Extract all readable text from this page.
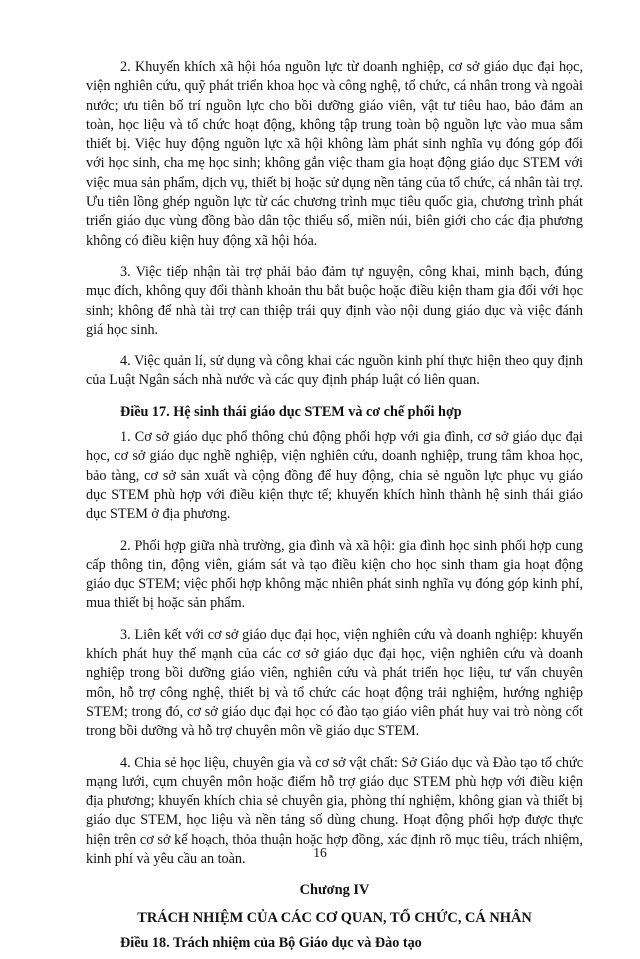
2. Khuyến khích xã hội hóa nguồn lực từ doanh nghiệp, cơ sở giáo dục đại học, viện nghiên cứu, quỹ phát triển khoa học và công nghệ, tổ chức, cá nhân trong và ngoài nước; ưu tiên bố trí nguồn lực cho bồi dưỡng giáo viên, vật tư tiêu hao, bảo đảm an toàn, học liệu và tổ chức hoạt động, không tập trung toàn bộ nguồn lực vào mua sắm thiết bị. Việc huy động nguồn lực xã hội không làm phát sinh nghĩa vụ đóng góp đối với học sinh, cha mẹ học sinh; không gắn việc tham gia hoạt động giáo dục STEM với việc mua sản phẩm, dịch vụ, thiết bị hoặc sử dụng nền tảng của tổ chức, cá nhân tài trợ. Ưu tiên lồng ghép nguồn lực từ các chương trình mục tiêu quốc gia, chương trình phát triển giáo dục vùng đồng bào dân tộc thiểu số, miền núi, biên giới cho các địa phương không có điều kiện huy động xã hội hóa.

3. Việc tiếp nhận tài trợ phải bảo đảm tự nguyện, công khai, minh bạch, đúng mục đích, không quy đổi thành khoản thu bắt buộc hoặc điều kiện tham gia đối với học sinh; không để nhà tài trợ can thiệp trái quy định vào nội dung giáo dục và việc đánh giá học sinh.

4. Việc quản lí, sử dụng và công khai các nguồn kinh phí thực hiện theo quy định của Luật Ngân sách nhà nước và các quy định pháp luật có liên quan.

Điều 17. Hệ sinh thái giáo dục STEM và cơ chế phối hợp

1. Cơ sở giáo dục phổ thông chủ động phối hợp với gia đình, cơ sở giáo dục đại học, cơ sở giáo dục nghề nghiệp, viện nghiên cứu, doanh nghiệp, trung tâm khoa học, bảo tàng, cơ sở sản xuất và cộng đồng để huy động, chia sẻ nguồn lực phục vụ giáo dục STEM phù hợp với điều kiện thực tế; khuyến khích hình thành hệ sinh thái giáo dục STEM ở địa phương.

2. Phối hợp giữa nhà trường, gia đình và xã hội: gia đình học sinh phối hợp cung cấp thông tin, động viên, giám sát và tạo điều kiện cho học sinh tham gia hoạt động giáo dục STEM; việc phối hợp không mặc nhiên phát sinh nghĩa vụ đóng góp kinh phí, mua thiết bị hoặc sản phẩm.

3. Liên kết với cơ sở giáo dục đại học, viện nghiên cứu và doanh nghiệp: khuyến khích phát huy thế mạnh của các cơ sở giáo dục đại học, viện nghiên cứu và doanh nghiệp trong bồi dưỡng giáo viên, nghiên cứu và phát triển học liệu, tư vấn chuyên môn, hỗ trợ công nghệ, thiết bị và tổ chức các hoạt động trải nghiệm, hướng nghiệp STEM; trong đó, cơ sở giáo dục đại học có đào tạo giáo viên phát huy vai trò nòng cốt trong bồi dưỡng và hỗ trợ chuyên môn về giáo dục STEM.

4. Chia sẻ học liệu, chuyên gia và cơ sở vật chất: Sở Giáo dục và Đào tạo tổ chức mạng lưới, cụm chuyên môn hoặc điểm hỗ trợ giáo dục STEM phù hợp với điều kiện địa phương; khuyến khích chia sẻ chuyên gia, phòng thí nghiệm, không gian và thiết bị giáo dục STEM, học liệu và nền tảng số dùng chung. Hoạt động phối hợp được thực hiện trên cơ sở kế hoạch, thỏa thuận hoặc hợp đồng, xác định rõ mục tiêu, trách nhiệm, kinh phí và yêu cầu an toàn.

Chương IV

TRÁCH NHIỆM CỦA CÁC CƠ QUAN, TỔ CHỨC, CÁ NHÂN

Điều 18. Trách nhiệm của Bộ Giáo dục và Đào tạo

16
